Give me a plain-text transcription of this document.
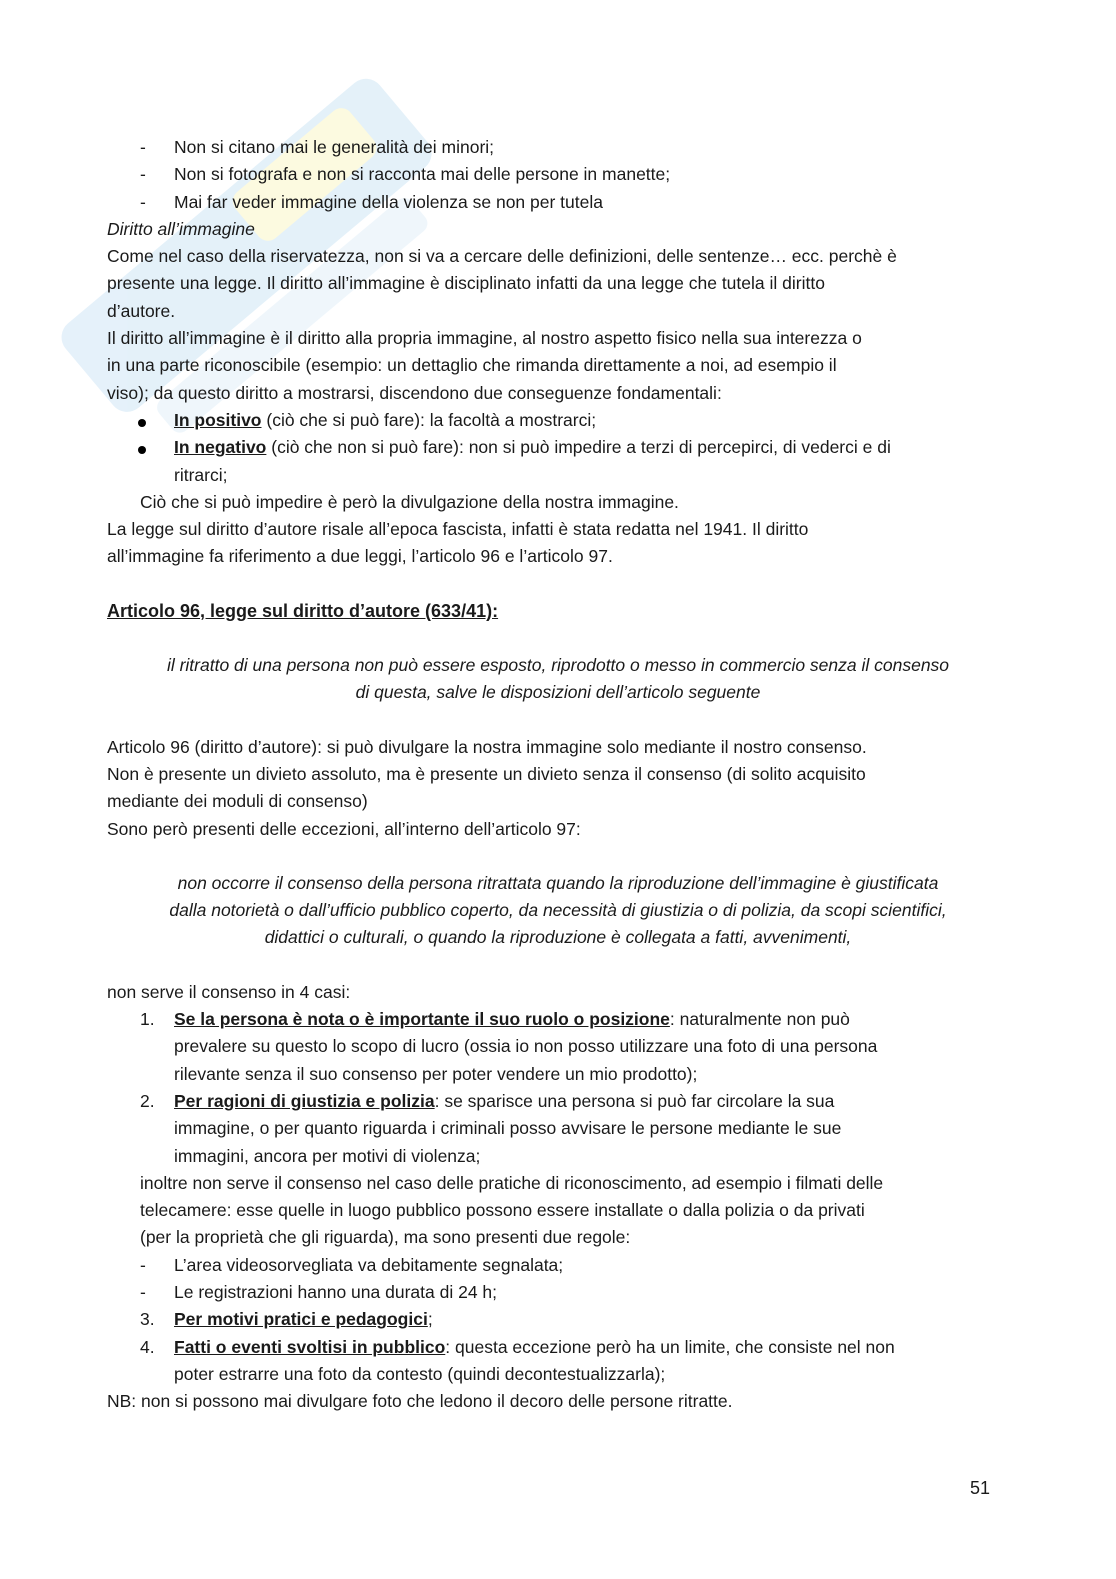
- Non si citano mai le generalità dei minori;
- Non si fotografa e non si racconta mai delle persone in manette;
- Mai far veder immagine della violenza se non per tutela
Diritto all’immagine
Come nel caso della riservatezza, non si va a cercare delle definizioni, delle sentenze… ecc. perchè è
presente una legge. Il diritto all’immagine è disciplinato infatti da una legge che tutela il diritto
d’autore.
Il diritto all’immagine è il diritto alla propria immagine, al nostro aspetto fisico nella sua interezza o
in una parte riconoscibile (esempio: un dettaglio che rimanda direttamente a noi, ad esempio il
viso); da questo diritto a mostrarsi, discendono due conseguenze fondamentali:
In positivo (ciò che si può fare): la facoltà a mostrarci;
In negativo (ciò che non si può fare): non si può impedire a terzi di percepirci, di vederci e di
ritrarci;
Ciò che si può impedire è però la divulgazione della nostra immagine.
La legge sul diritto d’autore risale all’epoca fascista, infatti è stata redatta nel 1941. Il diritto
all’immagine fa riferimento a due leggi, l’articolo 96 e l’articolo 97.
Articolo 96, legge sul diritto d’autore (633/41):
il ritratto di una persona non può essere esposto, riprodotto o messo in commercio senza il consenso
di questa, salve le disposizioni dell’articolo seguente
Articolo 96 (diritto d’autore): si può divulgare la nostra immagine solo mediante il nostro consenso.
Non è presente un divieto assoluto, ma è presente un divieto senza il consenso (di solito acquisito
mediante dei moduli di consenso)
Sono però presenti delle eccezioni, all’interno dell’articolo 97:
non occorre il consenso della persona ritrattata quando la riproduzione dell’immagine è giustificata
dalla notorietà o dall’ufficio pubblico coperto, da necessità di giustizia o di polizia, da scopi scientifici,
didattici o culturali, o quando la riproduzione è collegata a fatti, avvenimenti,
non serve il consenso in 4 casi:
1. Se la persona è nota o è importante il suo ruolo o posizione: naturalmente non può
prevalere su questo lo scopo di lucro (ossia io non posso utilizzare una foto di una persona
rilevante senza il suo consenso per poter vendere un mio prodotto);
2. Per ragioni di giustizia e polizia: se sparisce una persona si può far circolare la sua
immagine, o per quanto riguarda i criminali posso avvisare le persone mediante le sue
immagini, ancora per motivi di violenza;
inoltre non serve il consenso nel caso delle pratiche di riconoscimento, ad esempio i filmati delle
telecamere: esse quelle in luogo pubblico possono essere installate o dalla polizia o da privati
(per la proprietà che gli riguarda), ma sono presenti due regole:
- L’area videosorvegliata va debitamente segnalata;
- Le registrazioni hanno una durata di 24 h;
3. Per motivi pratici e pedagogici;
4. Fatti o eventi svoltisi in pubblico: questa eccezione però ha un limite, che consiste nel non
poter estrarre una foto da contesto (quindi decontestualizzarla);
NB: non si possono mai divulgare foto che ledono il decoro delle persone ritratte.
51
